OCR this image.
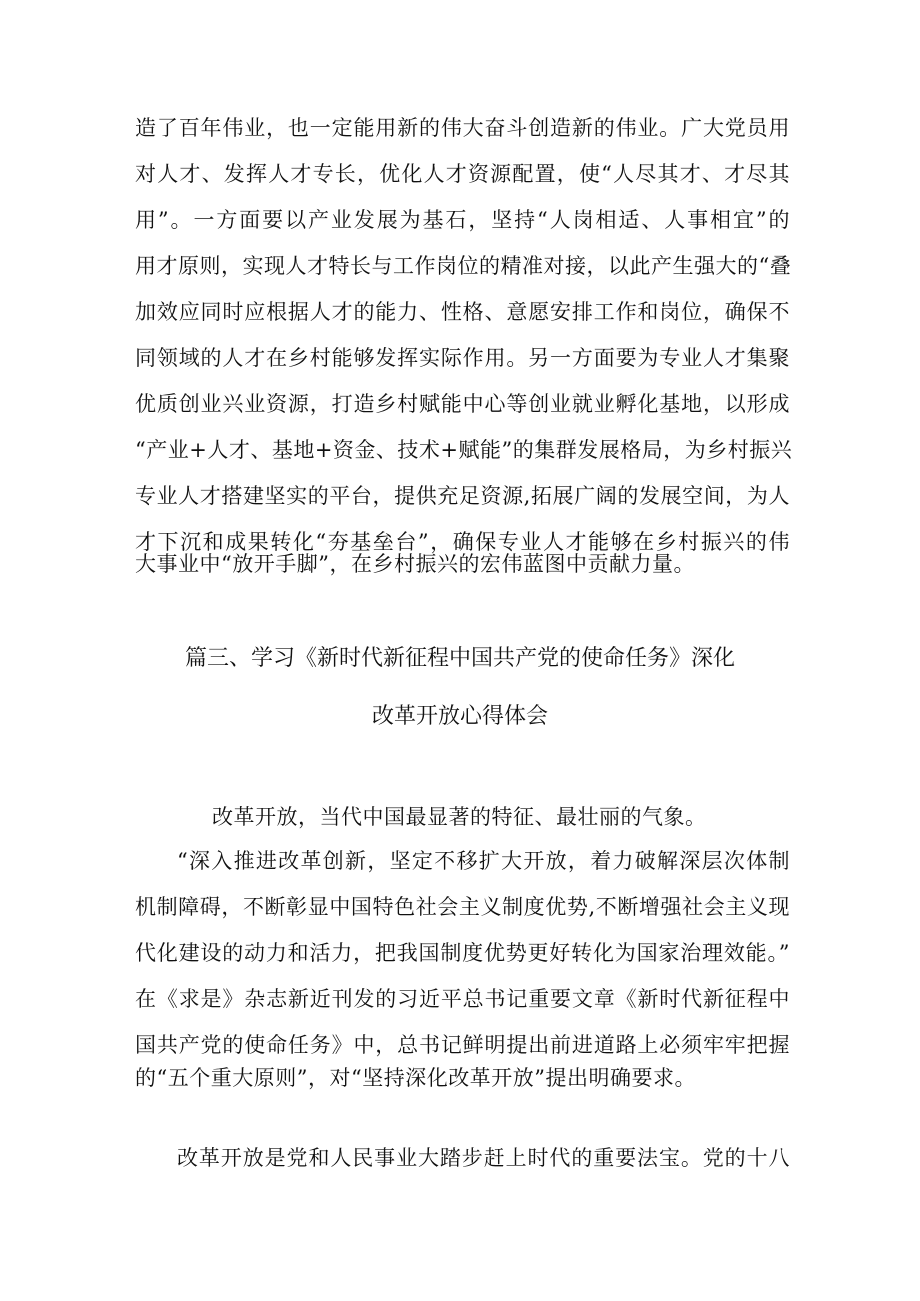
造了百年伟业，也一定能用新的伟大奋斗创造新的伟业。广大党员用
对人才、发挥人才专长，优化人才资源配置，使“人尽其才、才尽其
用”。一方面要以产业发展为基石，坚持“人岗相适、人事相宜”的
用才原则，实现人才特长与工作岗位的精准对接，以此产生强大的“叠
加效应同时应根据人才的能力、性格、意愿安排工作和岗位，确保不
同领域的人才在乡村能够发挥实际作用。另一方面要为专业人才集聚
优质创业兴业资源，打造乡村赋能中心等创业就业孵化基地，以形成
“产业+人才、基地+资金、技术+赋能”的集群发展格局，为乡村振兴
专业人才搭建坚实的平台，提供充足资源,拓展广阔的发展空间，为人
才下沉和成果转化“夯基垒台”，确保专业人才能够在乡村振兴的伟
大事业中“放开手脚”，在乡村振兴的宏伟蓝图中贡献力量。
篇三、学习《新时代新征程中国共产党的使命任务》深化
改革开放心得体会
改革开放，当代中国最显著的特征、最壮丽的气象。
“深入推进改革创新，坚定不移扩大开放，着力破解深层次体制
机制障碍，不断彰显中国特色社会主义制度优势,不断增强社会主义现
代化建设的动力和活力，把我国制度优势更好转化为国家治理效能。”
在《求是》杂志新近刊发的习近平总书记重要文章《新时代新征程中
国共产党的使命任务》中，总书记鲜明提出前进道路上必须牢牢把握
的“五个重大原则”，对“坚持深化改革开放”提出明确要求。
改革开放是党和人民事业大踏步赶上时代的重要法宝。党的十八
